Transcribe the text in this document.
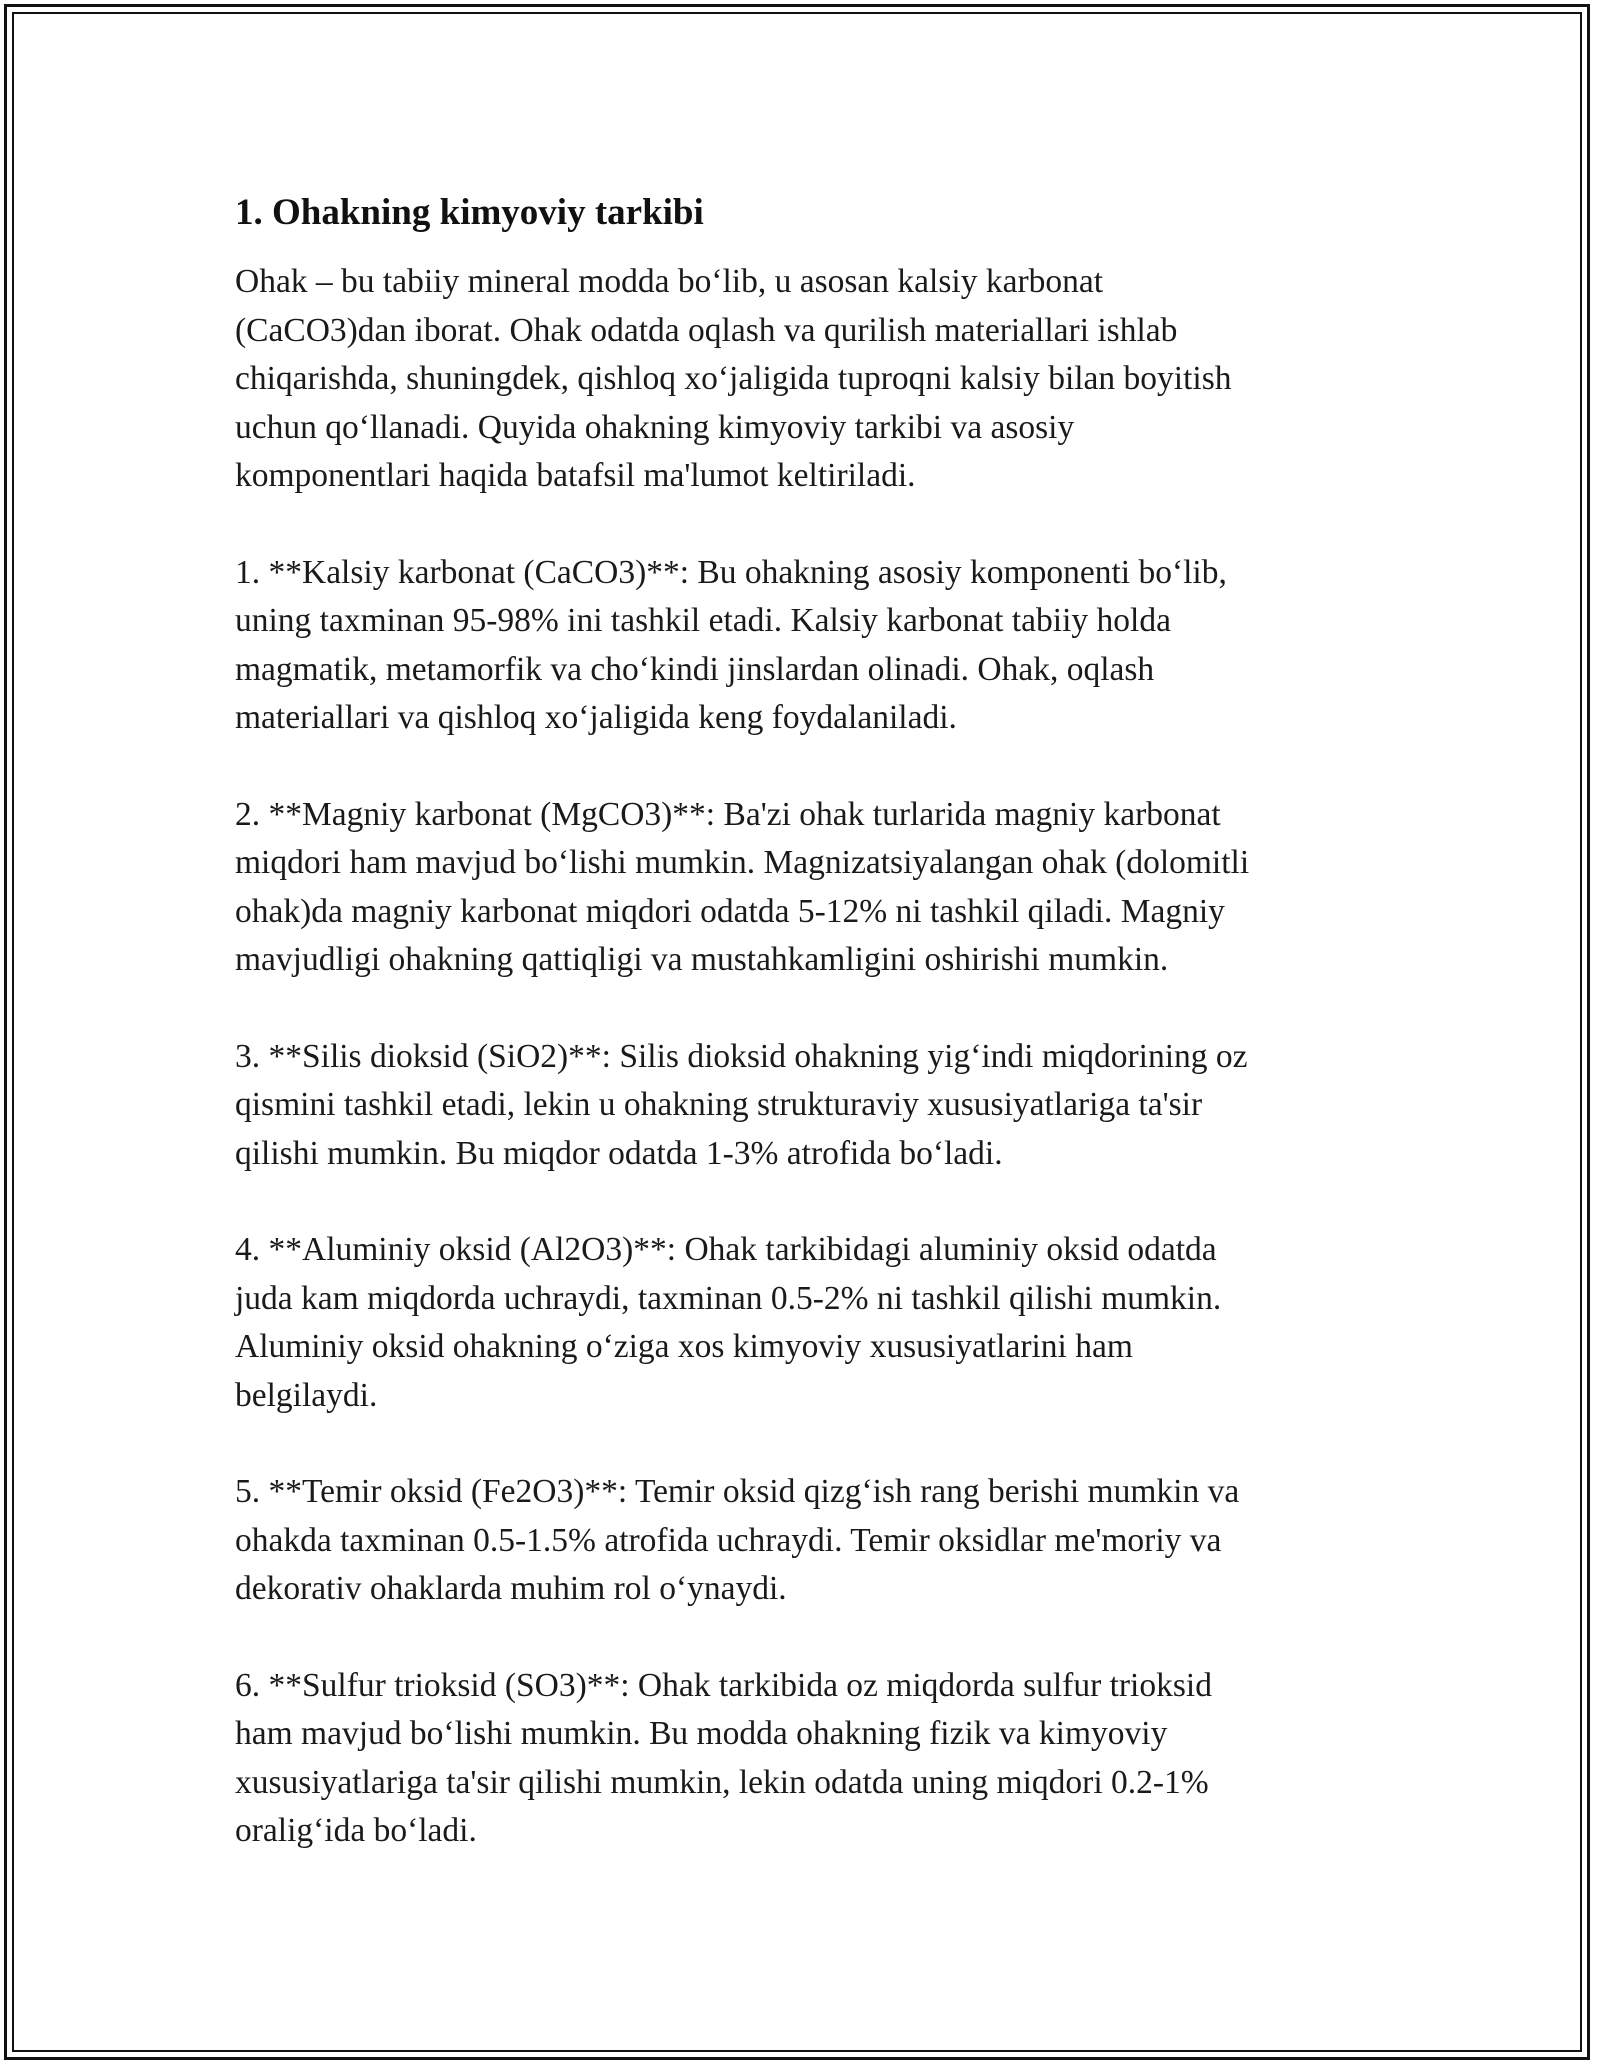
1. Ohakning kimyoviy tarkibi

Ohak – bu tabiiy mineral modda bo‘lib, u asosan kalsiy karbonat
(CaCO3)dan iborat. Ohak odatda oqlash va qurilish materiallari ishlab
chiqarishda, shuningdek, qishloq xo‘jaligida tuproqni kalsiy bilan boyitish
uchun qo‘llanadi. Quyida ohakning kimyoviy tarkibi va asosiy
komponentlari haqida batafsil ma'lumot keltiriladi.

1. **Kalsiy karbonat (CaCO3)**: Bu ohakning asosiy komponenti bo‘lib,
uning taxminan 95-98% ini tashkil etadi. Kalsiy karbonat tabiiy holda
magmatik, metamorfik va cho‘kindi jinslardan olinadi. Ohak, oqlash
materiallari va qishloq xo‘jaligida keng foydalaniladi.

2. **Magniy karbonat (MgCO3)**: Ba'zi ohak turlarida magniy karbonat
miqdori ham mavjud bo‘lishi mumkin. Magnizatsiyalangan ohak (dolomitli
ohak)da magniy karbonat miqdori odatda 5-12% ni tashkil qiladi. Magniy
mavjudligi ohakning qattiqligi va mustahkamligini oshirishi mumkin.

3. **Silis dioksid (SiO2)**: Silis dioksid ohakning yig‘indi miqdorining oz
qismini tashkil etadi, lekin u ohakning strukturaviy xususiyatlariga ta'sir
qilishi mumkin. Bu miqdor odatda 1-3% atrofida bo‘ladi.

4. **Aluminiy oksid (Al2O3)**: Ohak tarkibidagi aluminiy oksid odatda
juda kam miqdorda uchraydi, taxminan 0.5-2% ni tashkil qilishi mumkin.
Aluminiy oksid ohakning o‘ziga xos kimyoviy xususiyatlarini ham
belgilaydi.

5. **Temir oksid (Fe2O3)**: Temir oksid qizg‘ish rang berishi mumkin va
ohakda taxminan 0.5-1.5% atrofida uchraydi. Temir oksidlar me'moriy va
dekorativ ohaklarda muhim rol o‘ynaydi.

6. **Sulfur trioksid (SO3)**: Ohak tarkibida oz miqdorda sulfur trioksid
ham mavjud bo‘lishi mumkin. Bu modda ohakning fizik va kimyoviy
xususiyatlariga ta'sir qilishi mumkin, lekin odatda uning miqdori 0.2-1%
oralig‘ida bo‘ladi.
